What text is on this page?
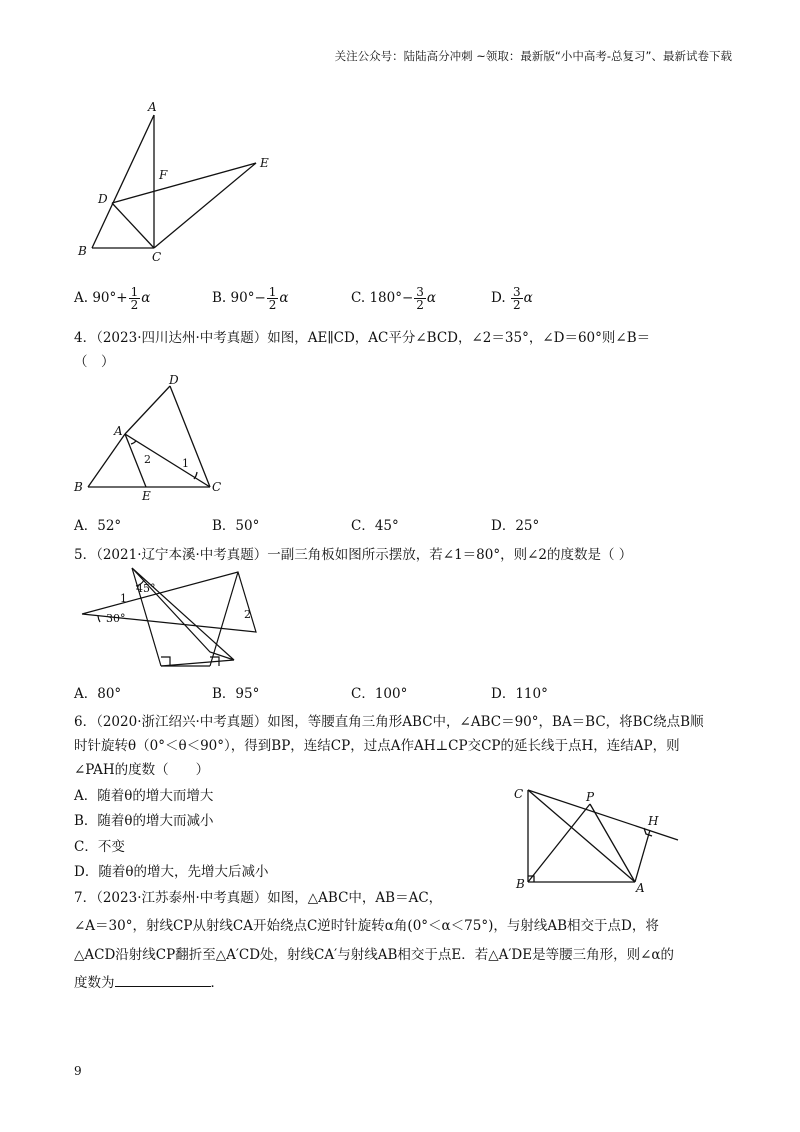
关注公众号：陆陆高分冲刺 ~领取：最新版“小中高考-总复习”、最新试卷下载
A
F
E
D
B	C
A. $90^\circ+ \frac{1}{2}$ α	B. $90^\circ- \frac{1}{2}$ α	C. $180^\circ- \frac{3}{2}$ α	D. $\frac{3}{2}$ α
4．（2023·四川达州·中考真题）如图，AE∥CD，AC平分∠BCD，∠2＝35°，∠D＝60°则∠B＝
（　）
D
A
2	1
B
E
C
A．52°	B．50°	C．45°	D．25°
5．（2021·辽宁本溪·中考真题）一副三角板如图所示摆放，若∠1＝80°，则∠2的度数是（ ）
45°
1
30°	2
A．80°	B．95°	C．100°	D．110°
6．（2020·浙江绍兴·中考真题）如图，等腰直角三角形ABC中，∠ABC＝90°，BA＝BC，将BC绕点B顺
时针旋转θ（0°＜θ＜90°），得到BP，连结CP，过点A作AH⊥CP交CP的延长线于点H，连结AP，则
∠PAH的度数（　　）
A．随着θ的增大而增大
B．随着θ的增大而减小
C．不变
D．随着θ的增大，先增大后减小
C	P
H
B	A
7．（2023·江苏泰州·中考真题）如图，△ABC中，AB＝AC，
∠A＝30°，射线CP从射线CA开始绕点C逆时针旋转α角(0°＜α＜75°)，与射线AB相交于点D，将
△ACD沿射线CP翻折至△A′CD处，射线CA′与射线AB相交于点E．若△A′DE是等腰三角形，则∠α的
度数为	．
9
